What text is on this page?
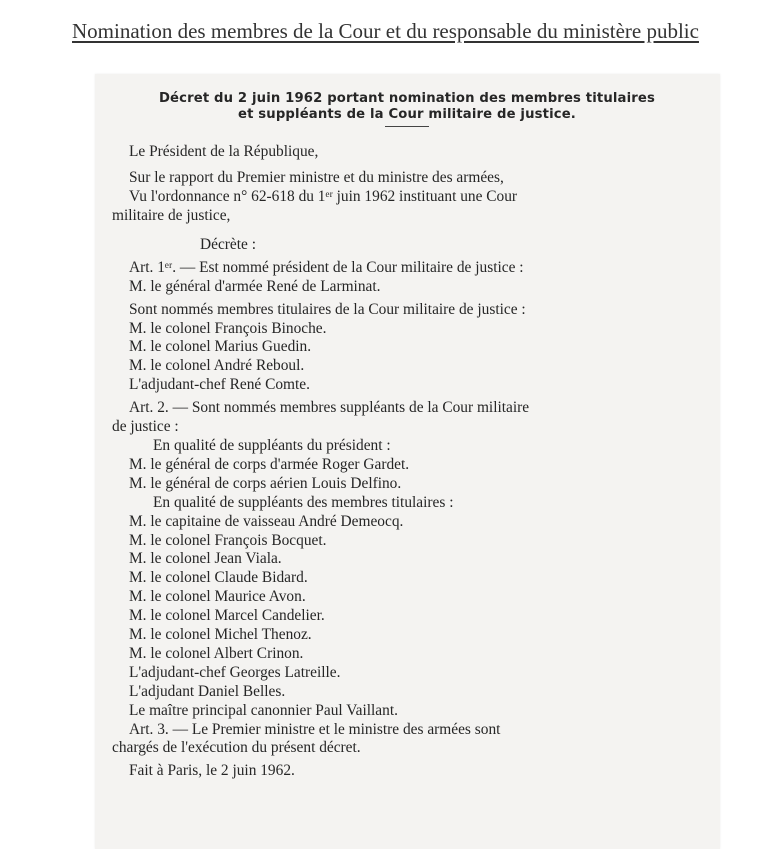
Nomination des membres de la Cour et du responsable du ministère public
Décret du 2 juin 1962 portant nomination des membres titulaires
et suppléants de la Cour militaire de justice.
Le Président de la République,
Sur le rapport du Premier ministre et du ministre des armées,
Vu l'ordonnance n° 62-618 du 1ᵉʳ juin 1962 instituant une Cour
militaire de justice,
Décrète :
Art. 1ᵉʳ. — Est nommé président de la Cour militaire de justice :
M. le général d'armée René de Larminat.
Sont nommés membres titulaires de la Cour militaire de justice :
M. le colonel François Binoche.
M. le colonel Marius Guedin.
M. le colonel André Reboul.
L'adjudant-chef René Comte.
Art. 2. — Sont nommés membres suppléants de la Cour militaire
de justice :
En qualité de suppléants du président :
M. le général de corps d'armée Roger Gardet.
M. le général de corps aérien Louis Delfino.
En qualité de suppléants des membres titulaires :
M. le capitaine de vaisseau André Demeocq.
M. le colonel François Bocquet.
M. le colonel Jean Viala.
M. le colonel Claude Bidard.
M. le colonel Maurice Avon.
M. le colonel Marcel Candelier.
M. le colonel Michel Thenoz.
M. le colonel Albert Crinon.
L'adjudant-chef Georges Latreille.
L'adjudant Daniel Belles.
Le maître principal canonnier Paul Vaillant.
Art. 3. — Le Premier ministre et le ministre des armées sont
chargés de l'exécution du présent décret.
Fait à Paris, le 2 juin 1962.
